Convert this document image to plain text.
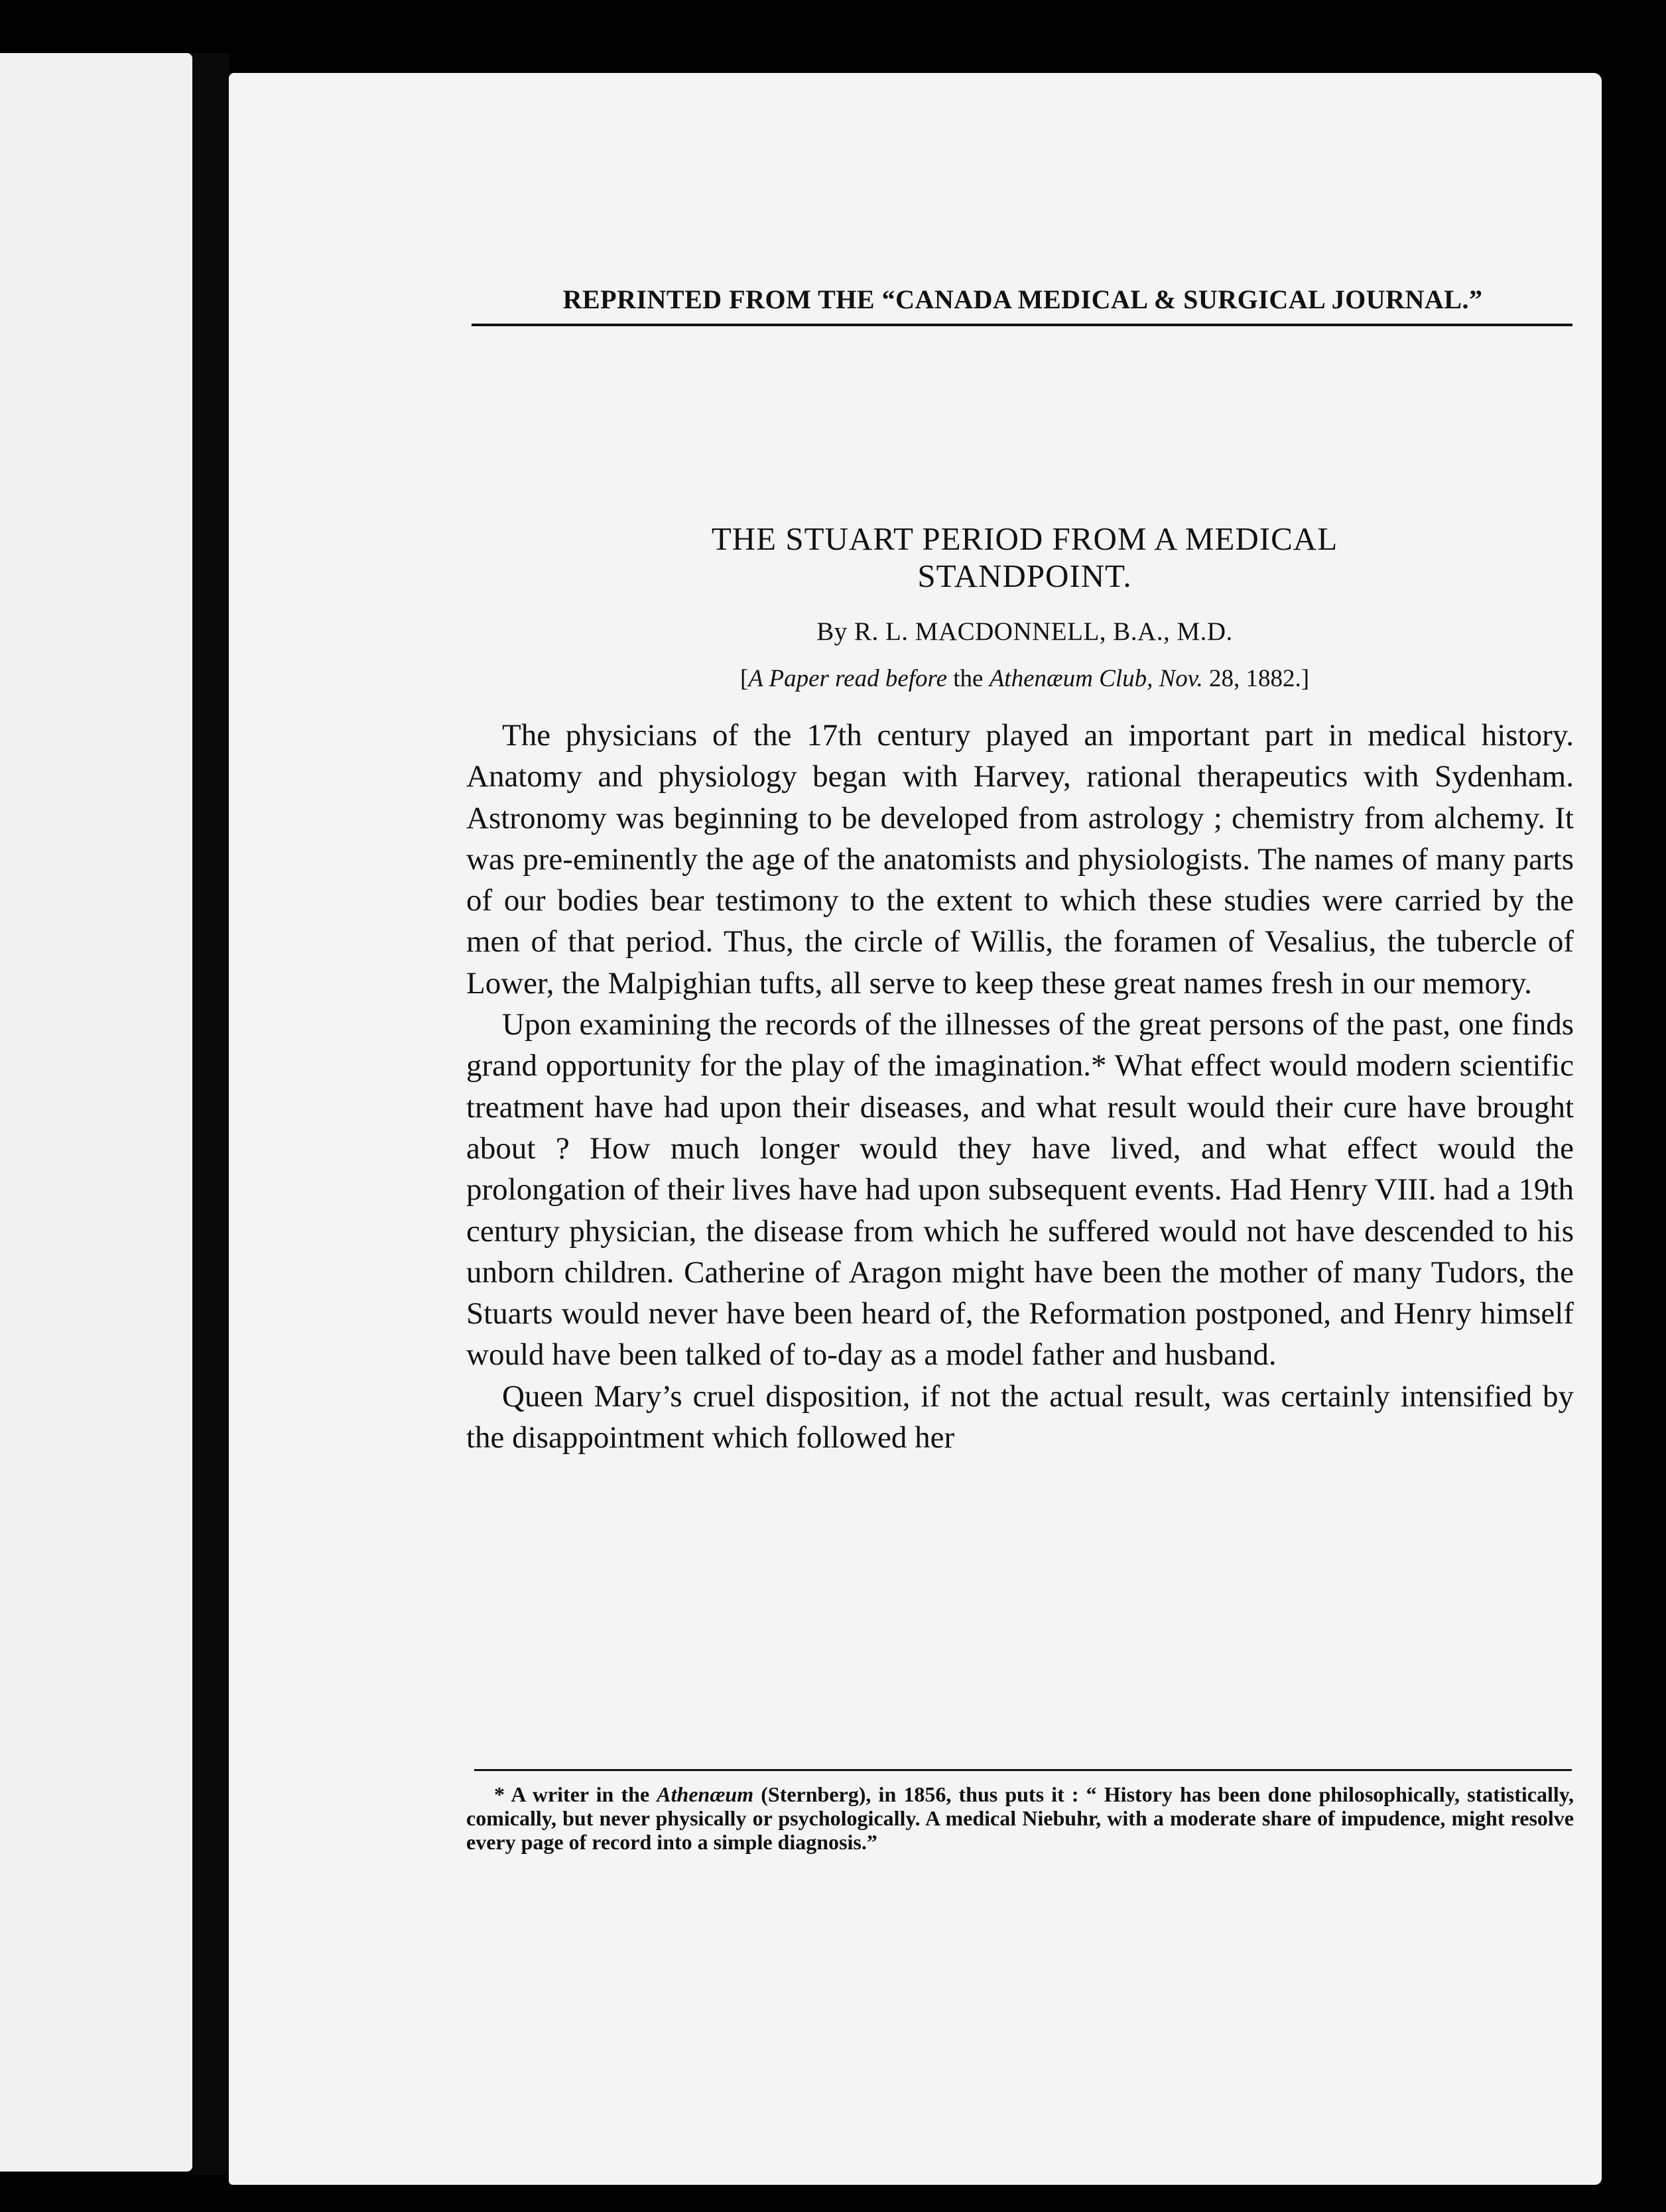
REPRINTED FROM THE “CANADA MEDICAL & SURGICAL JOURNAL.”
THE STUART PERIOD FROM A MEDICAL
STANDPOINT.
By R. L. MACDONNELL, B.A., M.D.
[A Paper read before the Athenæum Club, Nov. 28, 1882.]

The physicians of the 17th century played an important part in medical history. Anatomy and physiology began with Harvey, rational therapeutics with Sydenham. Astronomy was beginning to be developed from astrology ; chemistry from alchemy. It was pre-eminently the age of the anatomists and physiologists. The names of many parts of our bodies bear testimony to the extent to which these studies were carried by the men of that period. Thus, the circle of Willis, the foramen of Vesalius, the tubercle of Lower, the Malpighian tufts, all serve to keep these great names fresh in our memory.

Upon examining the records of the illnesses of the great persons of the past, one finds grand opportunity for the play of the imagination.* What effect would modern scientific treatment have had upon their diseases, and what result would their cure have brought about ? How much longer would they have lived, and what effect would the prolongation of their lives have had upon subsequent events. Had Henry VIII. had a 19th century physician, the disease from which he suffered would not have descended to his unborn children. Catherine of Aragon might have been the mother of many Tudors, the Stuarts would never have been heard of, the Reformation postponed, and Henry himself would have been talked of to-day as a model father and husband.

Queen Mary’s cruel disposition, if not the actual result, was certainly intensified by the disappointment which followed her

* A writer in the Athenæum (Sternberg), in 1856, thus puts it : “ History has been done philosophically, statistically, comically, but never physically or psychologically. A medical Niebuhr, with a moderate share of impudence, might resolve every page of record into a simple diagnosis.”
